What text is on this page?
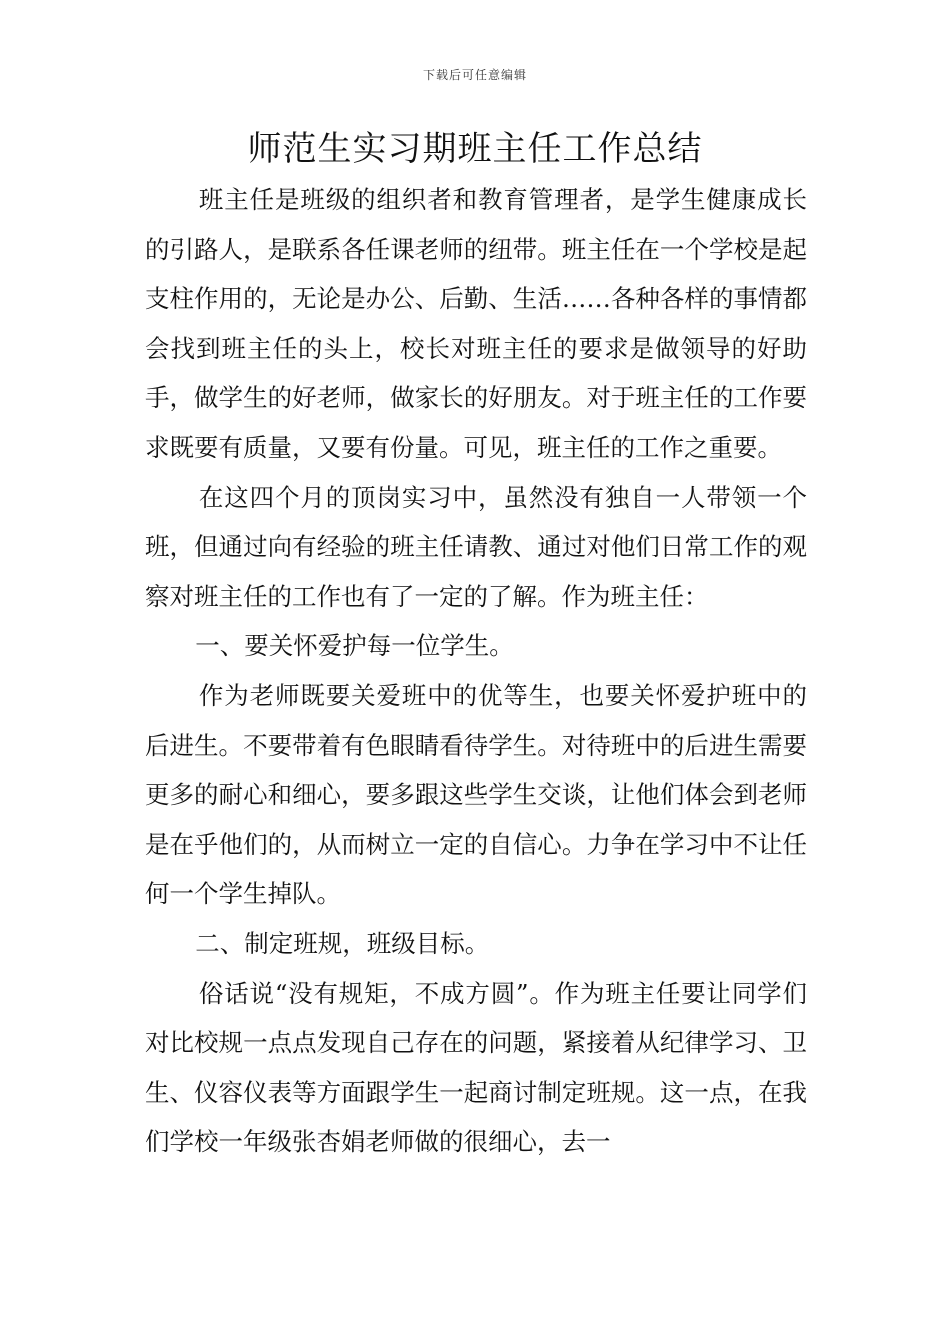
下载后可任意编辑
师范生实习期班主任工作总结

班主任是班级的组织者和教育管理者，是学生健康成长的引路人，是联系各任课老师的纽带。班主任在一个学校是起支柱作用的，无论是办公、后勤、生活……各种各样的事情都会找到班主任的头上，校长对班主任的要求是做领导的好助手，做学生的好老师，做家长的好朋友。对于班主任的工作要求既要有质量，又要有份量。可见，班主任的工作之重要。

在这四个月的顶岗实习中，虽然没有独自一人带领一个班，但通过向有经验的班主任请教、通过对他们日常工作的观察对班主任的工作也有了一定的了解。作为班主任：

一、要关怀爱护每一位学生。

作为老师既要关爱班中的优等生，也要关怀爱护班中的后进生。不要带着有色眼睛看待学生。对待班中的后进生需要更多的耐心和细心，要多跟这些学生交谈，让他们体会到老师是在乎他们的，从而树立一定的自信心。力争在学习中不让任何一个学生掉队。

二、制定班规，班级目标。

俗话说“没有规矩，不成方圆”。作为班主任要让同学们对比校规一点点发现自己存在的问题，紧接着从纪律学习、卫生、仪容仪表等方面跟学生一起商讨制定班规。这一点，在我们学校一年级张杏娟老师做的很细心，去一
